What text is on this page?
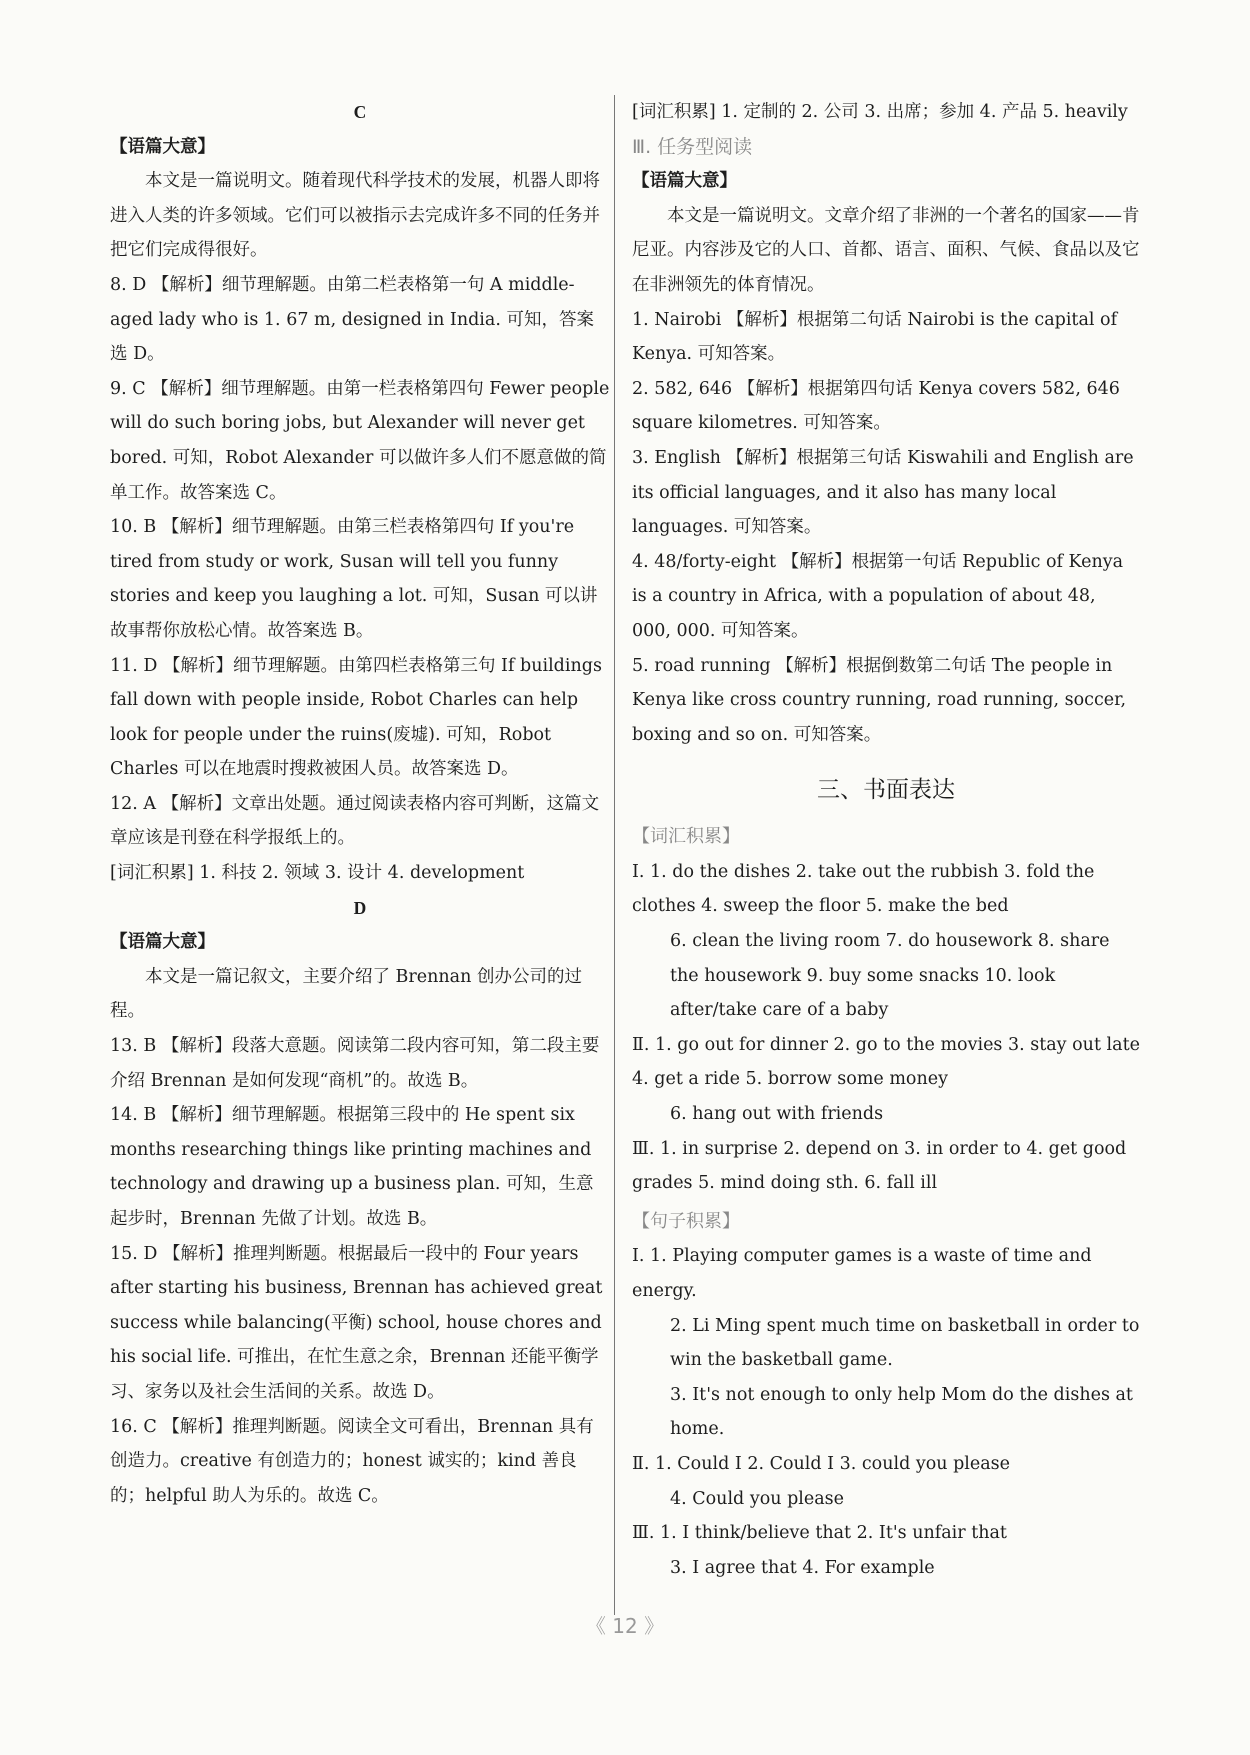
C

【语篇大意】

本文是一篇说明文。随着现代科学技术的发展，机器人即将进入人类的许多领域。它们可以被指示去完成许多不同的任务并把它们完成得很好。

8. D 【解析】细节理解题。由第二栏表格第一句 A middle-aged lady who is 1. 67 m, designed in India. 可知，答案选 D。

9. C 【解析】细节理解题。由第一栏表格第四句 Fewer people will do such boring jobs, but Alexander will never get bored. 可知，Robot Alexander 可以做许多人们不愿意做的简单工作。故答案选 C。

10. B 【解析】细节理解题。由第三栏表格第四句 If you're tired from study or work, Susan will tell you funny stories and keep you laughing a lot. 可知，Susan 可以讲故事帮你放松心情。故答案选 B。

11. D 【解析】细节理解题。由第四栏表格第三句 If buildings fall down with people inside, Robot Charles can help look for people under the ruins(废墟). 可知，Robot Charles 可以在地震时搜救被困人员。故答案选 D。

12. A 【解析】文章出处题。通过阅读表格内容可判断，这篇文章应该是刊登在科学报纸上的。

[词汇积累] 1. 科技 2. 领域 3. 设计 4. development

D

【语篇大意】

本文是一篇记叙文，主要介绍了 Brennan 创办公司的过程。

13. B 【解析】段落大意题。阅读第二段内容可知，第二段主要介绍 Brennan 是如何发现“商机”的。故选 B。

14. B 【解析】细节理解题。根据第三段中的 He spent six months researching things like printing machines and technology and drawing up a business plan. 可知，生意起步时，Brennan 先做了计划。故选 B。

15. D 【解析】推理判断题。根据最后一段中的 Four years after starting his business, Brennan has achieved great success while balancing(平衡) school, house chores and his social life. 可推出，在忙生意之余，Brennan 还能平衡学习、家务以及社会生活间的关系。故选 D。

16. C 【解析】推理判断题。阅读全文可看出，Brennan 具有创造力。creative 有创造力的；honest 诚实的；kind 善良的；helpful 助人为乐的。故选 C。

[词汇积累] 1. 定制的 2. 公司 3. 出席；参加 4. 产品 5. heavily

Ⅲ. 任务型阅读

【语篇大意】

本文是一篇说明文。文章介绍了非洲的一个著名的国家——肯尼亚。内容涉及它的人口、首都、语言、面积、气候、食品以及它在非洲领先的体育情况。

1. Nairobi 【解析】根据第二句话 Nairobi is the capital of Kenya. 可知答案。

2. 582, 646 【解析】根据第四句话 Kenya covers 582, 646 square kilometres. 可知答案。

3. English 【解析】根据第三句话 Kiswahili and English are its official languages, and it also has many local languages. 可知答案。

4. 48/forty-eight 【解析】根据第一句话 Republic of Kenya is a country in Africa, with a population of about 48, 000, 000. 可知答案。

5. road running 【解析】根据倒数第二句话 The people in Kenya like cross country running, road running, soccer, boxing and so on. 可知答案。

三、书面表达

【词汇积累】

Ⅰ. 1. do the dishes 2. take out the rubbish 3. fold the clothes 4. sweep the floor 5. make the bed

6. clean the living room 7. do housework 8. share the housework 9. buy some snacks 10. look after/take care of a baby

Ⅱ. 1. go out for dinner 2. go to the movies 3. stay out late 4. get a ride 5. borrow some money

6. hang out with friends

Ⅲ. 1. in surprise 2. depend on 3. in order to 4. get good grades 5. mind doing sth. 6. fall ill

【句子积累】

Ⅰ. 1. Playing computer games is a waste of time and energy.

2. Li Ming spent much time on basketball in order to win the basketball game.

3. It's not enough to only help Mom do the dishes at home.

Ⅱ. 1. Could I 2. Could I 3. could you please

4. Could you please

Ⅲ. 1. I think/believe that 2. It's unfair that

3. I agree that 4. For example

《 12 》
